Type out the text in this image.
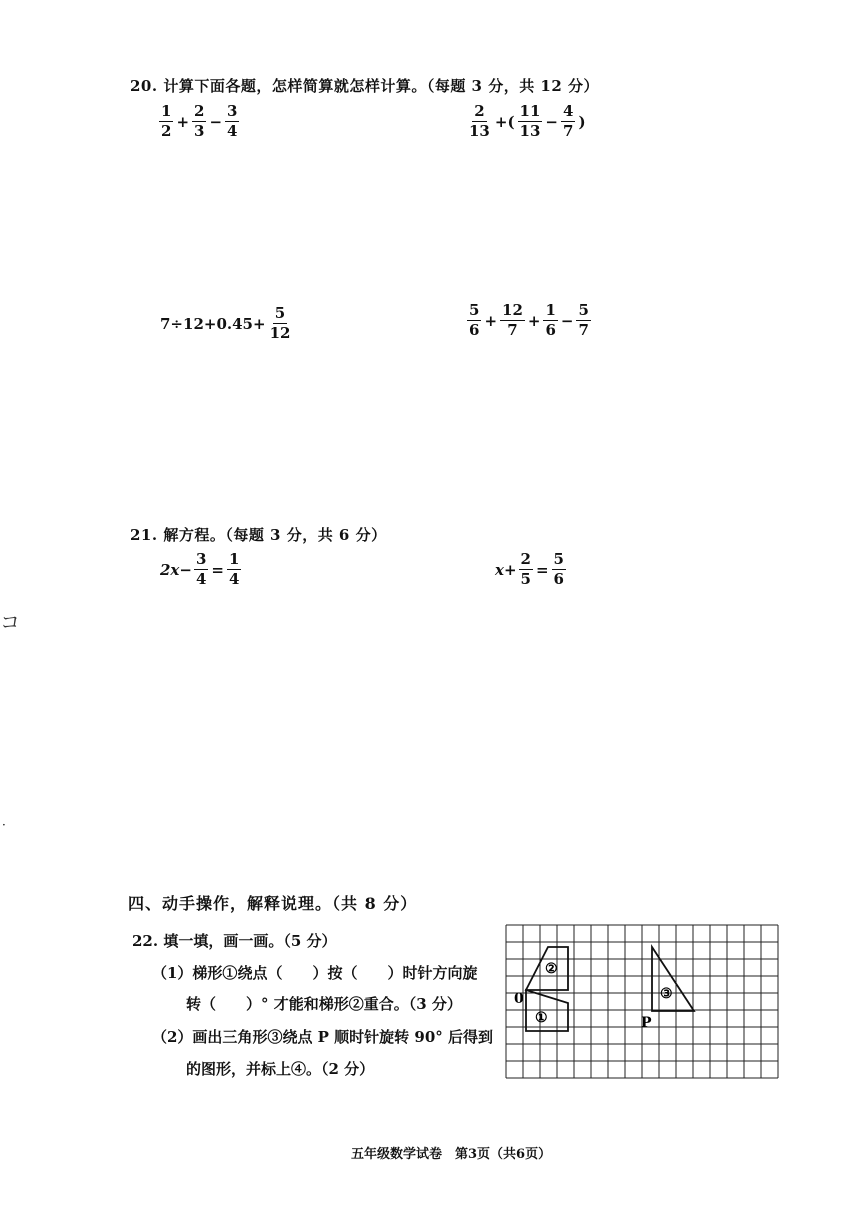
コ
·
20. 计算下面各题，怎样简算就怎样计算。（每题 3 分，共 12 分）
$\frac{1}{2} + \frac{2}{3} - \frac{3}{4}$	$\frac{2}{13}$ +( $\frac{11}{13} - \frac{4}{7}$ )
$7\div 12+0.45+ \frac{5}{12}$	$\frac{5}{6} + \frac{12}{7} + \frac{1}{6} - \frac{5}{7}$
21. 解方程。（每题 3 分，共 6 分）
$2x- \frac{3}{4} = \frac{1}{4}$	$x+ \frac{2}{5} = \frac{5}{6}$
四、动手操作，解释说理。（共 8 分）
22. 填一填，画一画。（5 分）
（1）梯形①绕点（　　）按（　　）时针方向旋
转（　　）° 才能和梯形②重合。（3 分）
（2）画出三角形③绕点 P 顺时针旋转 90° 后得到
的图形，并标上④。（2 分）
①
②
③
0
P
五年级数学试卷　第3页（共6页）
